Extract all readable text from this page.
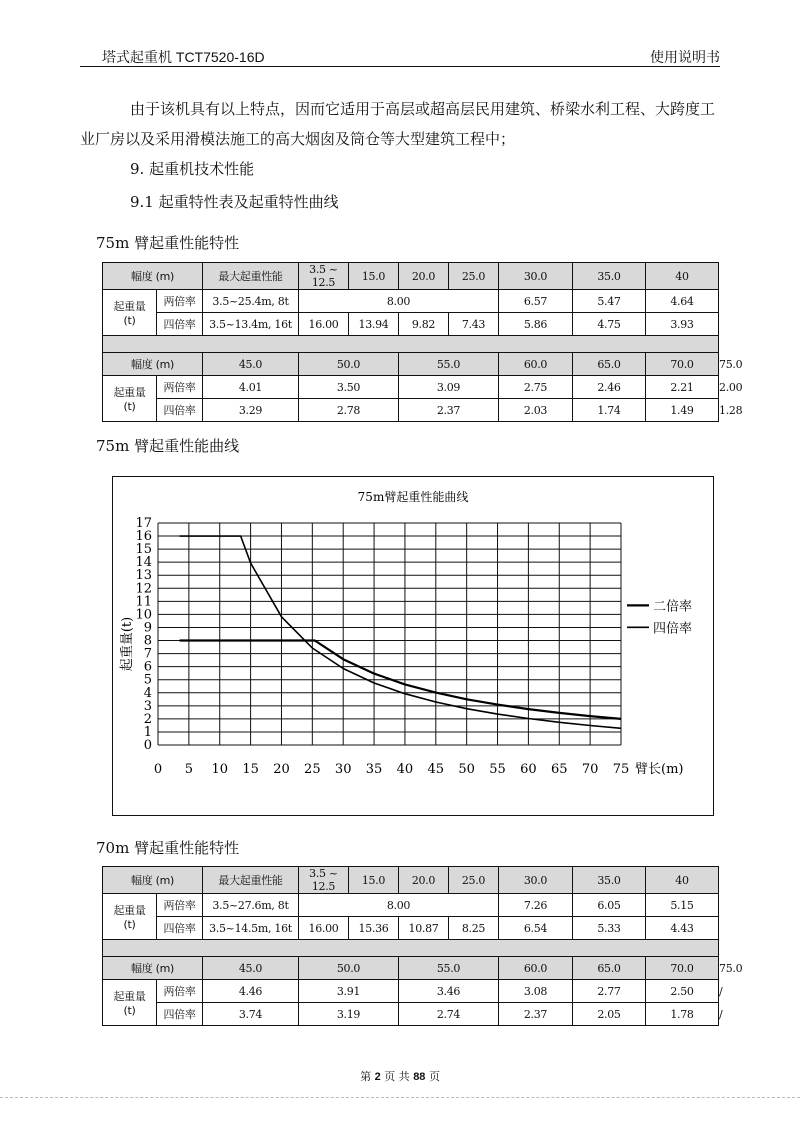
塔式起重机 TCT7520-16D	使用说明书
由于该机具有以上特点，因而它适用于高层或超高层民用建筑、桥梁水利工程、大跨度工业厂房以及采用滑模法施工的高大烟囱及筒仓等大型建筑工程中；
9. 起重机技术性能
9.1 起重特性表及起重特性曲线
75m 臂起重性能特性
幅度 (m)		最大起重性能	3.5 ~ 12.5	15.0	20.0	25.0	30.0	35.0	40	
起重量
(t)	两倍率	3.5~25.4m, 8t	8.00				6.57	5.47	4.64	
	四倍率	3.5~13.4m, 16t	16.00	13.94	9.82	7.43	5.86	4.75	3.93	

幅度 (m)		45.0	50.0		55.0		60.0	65.0	70.0	75.0
起重量
(t)	两倍率	4.01	3.50		3.09		2.75	2.46	2.21	2.00
	四倍率	3.29	2.78		2.37		2.03	1.74	1.49	1.28
75m 臂起重性能曲线
75m臂起重性能曲线
0
1
2
3
4
5
6
7
8
9
10
11
12
13
14
15
16
17
0 5 10 15 20 25 30 35 40 45 50 55 60 65 70 75 臂长(m)
起重量(t)
二倍率
四倍率
70m 臂起重性能特性
幅度 (m)		最大起重性能	3.5 ~ 12.5	15.0	20.0	25.0	30.0	35.0	40	
起重量
(t)	两倍率	3.5~27.6m, 8t	8.00				7.26	6.05	5.15	
	四倍率	3.5~14.5m, 16t	16.00	15.36	10.87	8.25	6.54	5.33	4.43	

幅度 (m)		45.0	50.0		55.0		60.0	65.0	70.0	75.0
起重量
(t)	两倍率	4.46	3.91		3.46		3.08	2.77	2.50	/
	四倍率	3.74	3.19		2.74		2.37	2.05	1.78	/
第 2 页 共 88 页
